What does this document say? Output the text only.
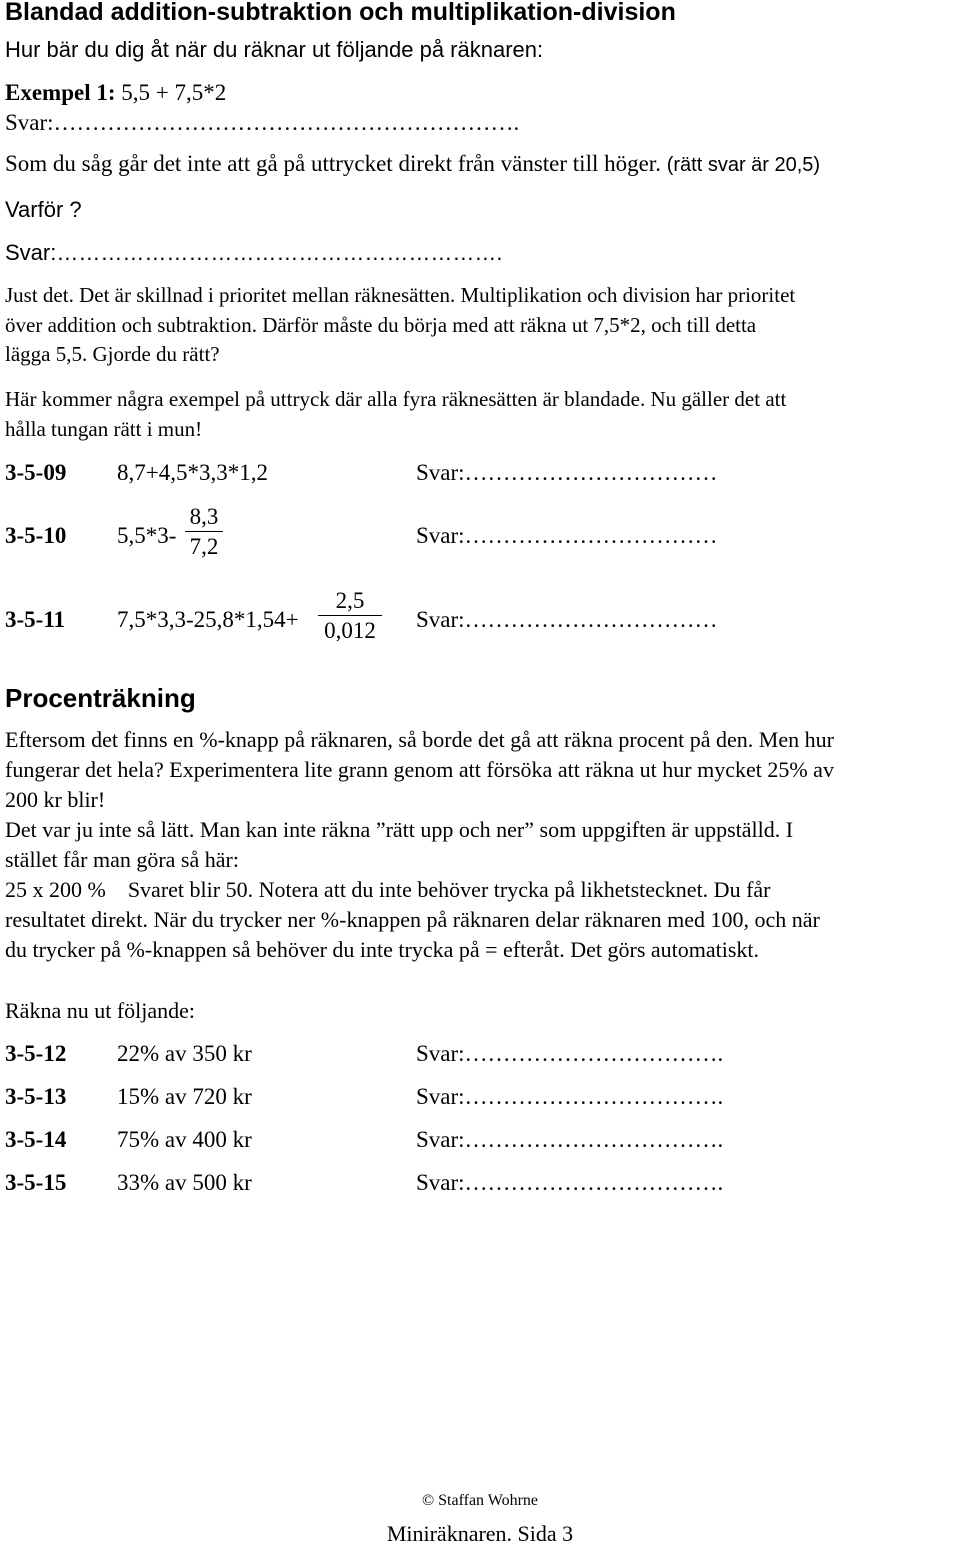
Blandad addition-subtraktion och multiplikation-division
Hur bär du dig åt när du räknar ut följande på räknaren:
Exempel 1: 5,5 + 7,5*2
Svar:…………………………………………………….
Som du såg går det inte att gå på uttrycket direkt från vänster till höger. (rätt svar är 20,5)
Varför ?
Svar:…………………………………………………….
Just det. Det är skillnad i prioritet mellan räknesätten. Multiplikation och division har prioritet
över addition och subtraktion. Därför måste du börja med att räkna ut 7,5*2, och till detta
lägga 5,5. Gjorde du rätt?
Här kommer några exempel på uttryck där alla fyra räknesätten är blandade. Nu gäller det att
hålla tungan rätt i mun!
3-5-09 8,7+4,5*3,3*1,2	Svar:……………………………
3-5-10 5,5*3-
8,3
7,2	Svar:……………………………
3-5-11 7,5*3,3-25,8*1,54+
2,5
0,012 Svar:……………………………
Procenträkning
Eftersom det finns en %-knapp på räknaren, så borde det gå att räkna procent på den. Men hur
fungerar det hela? Experimentera lite grann genom att försöka att räkna ut hur mycket 25% av
200 kr blir!
Det var ju inte så lätt. Man kan inte räkna ”rätt upp och ner” som uppgiften är uppställd. I
stället får man göra så här:
25 x 200 %    Svaret blir 50. Notera att du inte behöver trycka på likhetstecknet. Du får
resultatet direkt. När du trycker ner %-knappen på räknaren delar räknaren med 100, och när
du trycker på %-knappen så behöver du inte trycka på = efteråt. Det görs automatiskt.
Räkna nu ut följande:
3-5-12 22% av 350 kr	Svar:…………………………….
3-5-13 15% av 720 kr	Svar:…………………………….
3-5-14 75% av 400 kr	Svar:…………………………….
3-5-15 33% av 500 kr	Svar:…………………………….
© Staffan Wohrne
Miniräknaren. Sida 3
